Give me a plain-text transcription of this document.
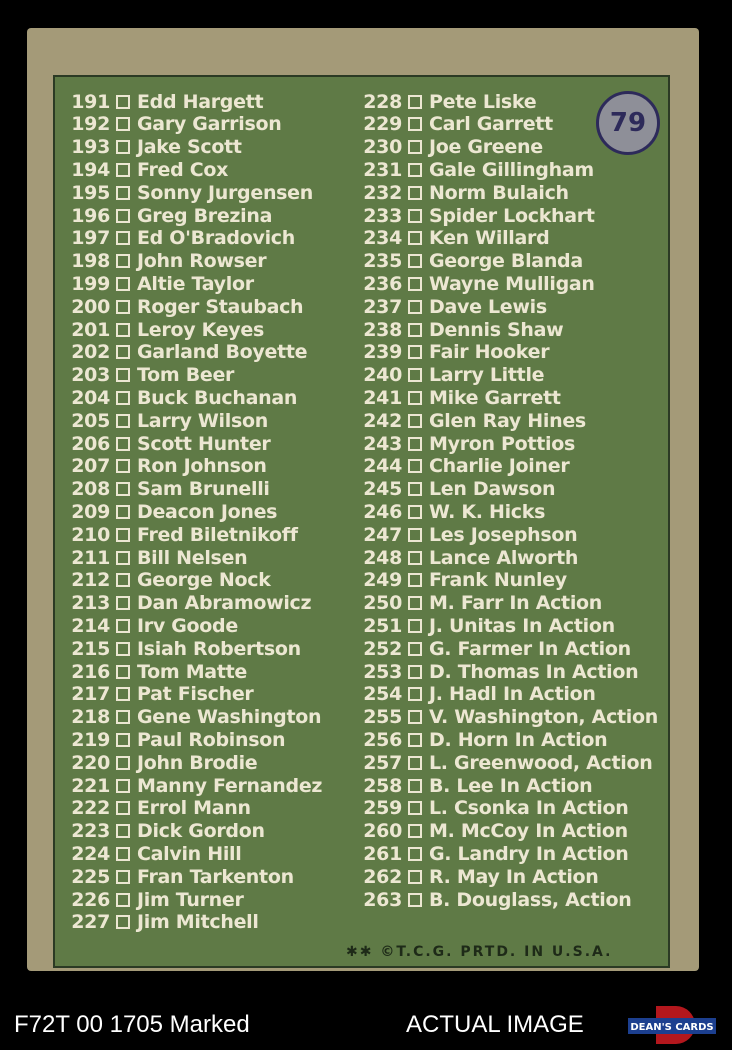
79
191 Edd Hargett
192 Gary Garrison
193 Jake Scott
194 Fred Cox
195 Sonny Jurgensen
196 Greg Brezina
197 Ed O'Bradovich
198 John Rowser
199 Altie Taylor
200 Roger Staubach
201 Leroy Keyes
202 Garland Boyette
203 Tom Beer
204 Buck Buchanan
205 Larry Wilson
206 Scott Hunter
207 Ron Johnson
208 Sam Brunelli
209 Deacon Jones
210 Fred Biletnikoff
211 Bill Nelsen
212 George Nock
213 Dan Abramowicz
214 Irv Goode
215 Isiah Robertson
216 Tom Matte
217 Pat Fischer
218 Gene Washington
219 Paul Robinson
220 John Brodie
221 Manny Fernandez
222 Errol Mann
223 Dick Gordon
224 Calvin Hill
225 Fran Tarkenton
226 Jim Turner
227 Jim Mitchell
228 Pete Liske
229 Carl Garrett
230 Joe Greene
231 Gale Gillingham
232 Norm Bulaich
233 Spider Lockhart
234 Ken Willard
235 George Blanda
236 Wayne Mulligan
237 Dave Lewis
238 Dennis Shaw
239 Fair Hooker
240 Larry Little
241 Mike Garrett
242 Glen Ray Hines
243 Myron Pottios
244 Charlie Joiner
245 Len Dawson
246 W. K. Hicks
247 Les Josephson
248 Lance Alworth
249 Frank Nunley
250 M. Farr In Action
251 J. Unitas In Action
252 G. Farmer In Action
253 D. Thomas In Action
254 J. Hadl In Action
255 V. Washington, Action
256 D. Horn In Action
257 L. Greenwood, Action
258 B. Lee In Action
259 L. Csonka In Action
260 M. McCoy In Action
261 G. Landry In Action
262 R. May In Action
263 B. Douglass, Action
✱✱ ©T.C.G. PRTD. IN U.S.A.
F72T 00 1705 Marked	ACTUAL IMAGE	DEAN'S CARDS
